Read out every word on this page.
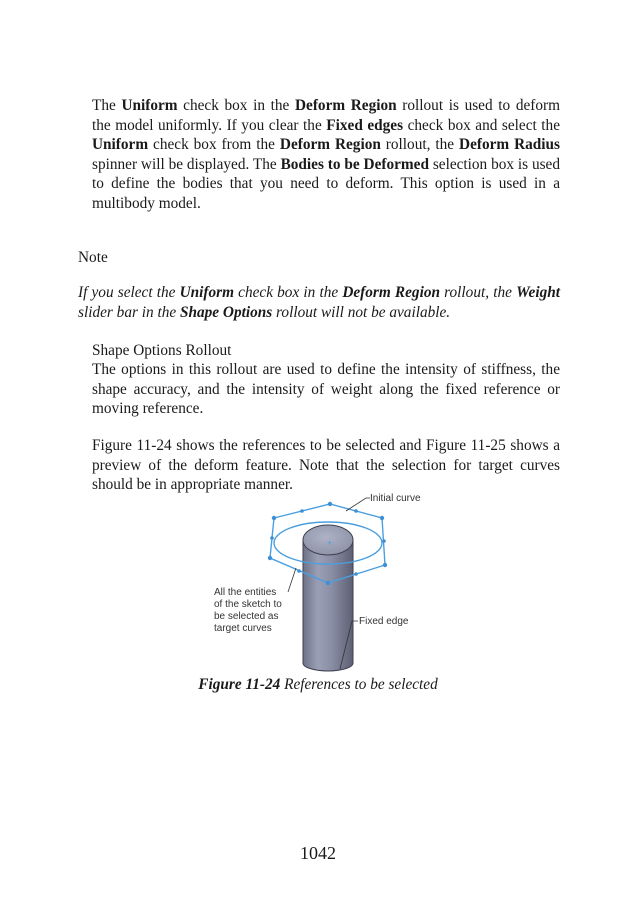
The Uniform check box in the Deform Region rollout is used to deform the model uniformly. If you clear the Fixed edges check box and select the Uniform check box from the Deform Region rollout, the Deform Radius spinner will be displayed. The Bodies to be Deformed selection box is used to define the bodies that you need to deform. This option is used in a multibody model.

Note

If you select the Uniform check box in the Deform Region rollout, the Weight slider bar in the Shape Options rollout will not be available.

Shape Options Rollout

The options in this rollout are used to define the intensity of stiffness, the shape accuracy, and the intensity of weight along the fixed reference or moving reference.

Figure 11-24 shows the references to be selected and Figure 11-25 shows a preview of the deform feature. Note that the selection for target curves should be in appropriate manner.

+
Initial curve
All the entities
of the sketch to
be selected as
target curves
Fixed edge

Figure 11-24 References to be selected

1042
